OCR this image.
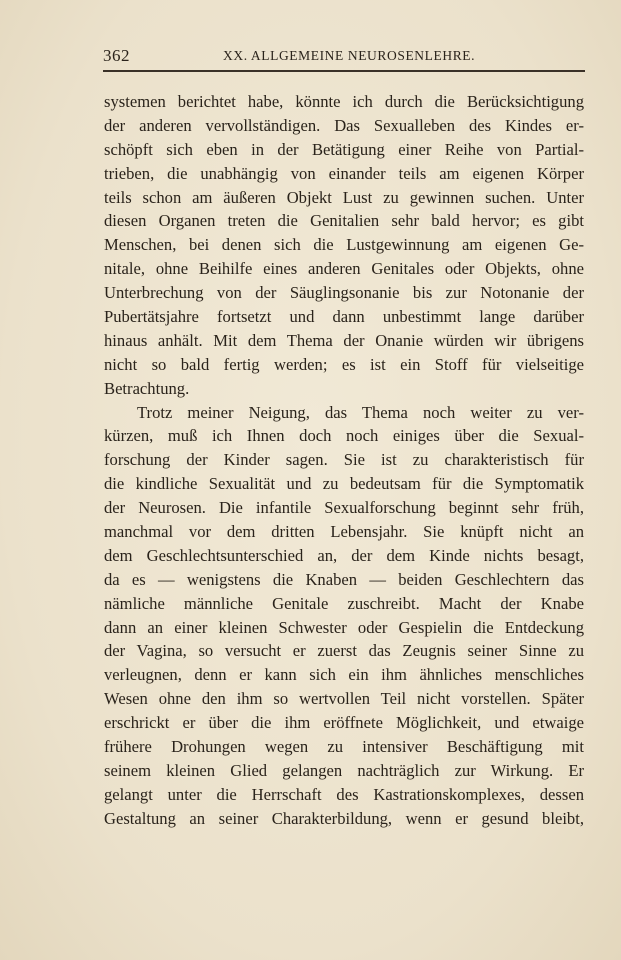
362	XX. ALLGEMEINE NEUROSENLEHRE.
systemen berichtet habe, könnte ich durch die Berücksichtigung
der anderen vervollständigen. Das Sexualleben des Kindes er-
schöpft sich eben in der Betätigung einer Reihe von Partial-
trieben, die unabhängig von einander teils am eigenen Körper
teils schon am äußeren Objekt Lust zu gewinnen suchen. Unter
diesen Organen treten die Genitalien sehr bald hervor; es gibt
Menschen, bei denen sich die Lustgewinnung am eigenen Ge-
nitale, ohne Beihilfe eines anderen Genitales oder Objekts, ohne
Unterbrechung von der Säuglingsonanie bis zur Notonanie der
Pubertätsjahre fortsetzt und dann unbestimmt lange darüber
hinaus anhält. Mit dem Thema der Onanie würden wir übrigens
nicht so bald fertig werden; es ist ein Stoff für vielseitige
Betrachtung.
Trotz meiner Neigung, das Thema noch weiter zu ver-
kürzen, muß ich Ihnen doch noch einiges über die Sexual-
forschung der Kinder sagen. Sie ist zu charakteristisch für
die kindliche Sexualität und zu bedeutsam für die Symptomatik
der Neurosen. Die infantile Sexualforschung beginnt sehr früh,
manchmal vor dem dritten Lebensjahr. Sie knüpft nicht an
dem Geschlechtsunterschied an, der dem Kinde nichts besagt,
da es — wenigstens die Knaben — beiden Geschlechtern das
nämliche männliche Genitale zuschreibt. Macht der Knabe
dann an einer kleinen Schwester oder Gespielin die Entdeckung
der Vagina, so versucht er zuerst das Zeugnis seiner Sinne zu
verleugnen, denn er kann sich ein ihm ähnliches menschliches
Wesen ohne den ihm so wertvollen Teil nicht vorstellen. Später
erschrickt er über die ihm eröffnete Möglichkeit, und etwaige
frühere Drohungen wegen zu intensiver Beschäftigung mit
seinem kleinen Glied gelangen nachträglich zur Wirkung. Er
gelangt unter die Herrschaft des Kastrationskomplexes, dessen
Gestaltung an seiner Charakterbildung, wenn er gesund bleibt,
